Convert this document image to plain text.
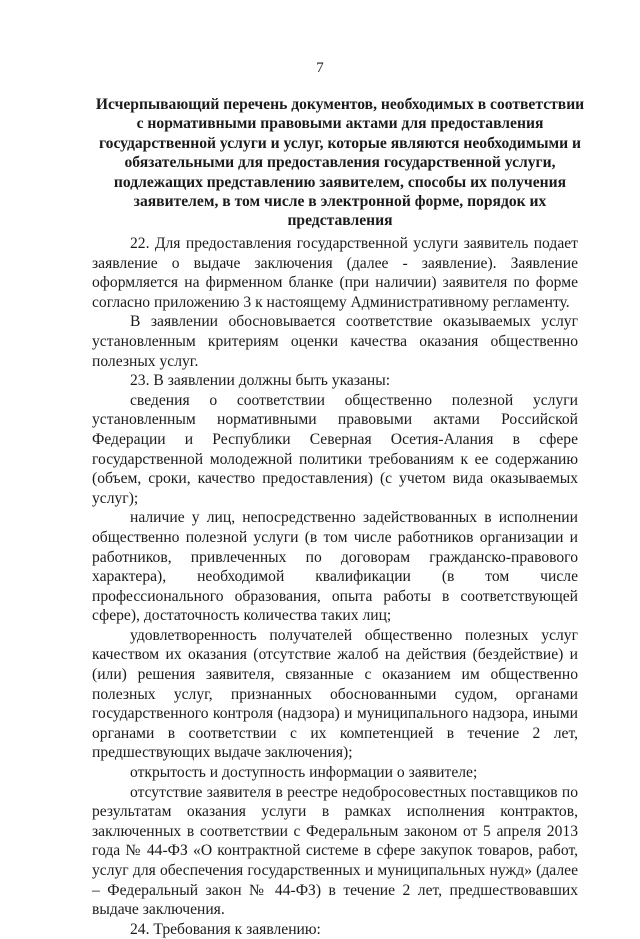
7
Исчерпывающий перечень документов, необходимых в соответствии с нормативными правовыми актами для предоставления государственной услуги и услуг, которые являются необходимыми и обязательными для предоставления государственной услуги, подлежащих представлению заявителем, способы их получения заявителем, в том числе в электронной форме, порядок их представления

22. Для предоставления государственной услуги заявитель подает заявление о выдаче заключения (далее - заявление). Заявление оформляется на фирменном бланке (при наличии) заявителя по форме согласно приложению 3 к настоящему Административному регламенту.

В заявлении обосновывается соответствие оказываемых услуг установленным критериям оценки качества оказания общественно полезных услуг.

23. В заявлении должны быть указаны:

сведения о соответствии общественно полезной услуги установленным нормативными правовыми актами Российской Федерации и Республики Северная Осетия-Алания в сфере государственной молодежной политики требованиям к ее содержанию (объем, сроки, качество предоставления) (с учетом вида оказываемых услуг);

наличие у лиц, непосредственно задействованных в исполнении общественно полезной услуги (в том числе работников организации и работников, привлеченных по договорам гражданско-правового характера), необходимой квалификации (в том числе профессионального образования, опыта работы в соответствующей сфере), достаточность количества таких лиц;

удовлетворенность получателей общественно полезных услуг качеством их оказания (отсутствие жалоб на действия (бездействие) и (или) решения заявителя, связанные с оказанием им общественно полезных услуг, признанных обоснованными судом, органами государственного контроля (надзора) и муниципального надзора, иными органами в соответствии с их компетенцией в течение 2 лет, предшествующих выдаче заключения);

открытость и доступность информации о заявителе;

отсутствие заявителя в реестре недобросовестных поставщиков по результатам оказания услуги в рамках исполнения контрактов, заключенных в соответствии с Федеральным законом от 5 апреля 2013 года № 44-ФЗ «О контрактной системе в сфере закупок товаров, работ, услуг для обеспечения государственных и муниципальных нужд» (далее – Федеральный закон № 44-ФЗ) в течение 2 лет, предшествовавших выдаче заключения.

24. Требования к заявлению:
